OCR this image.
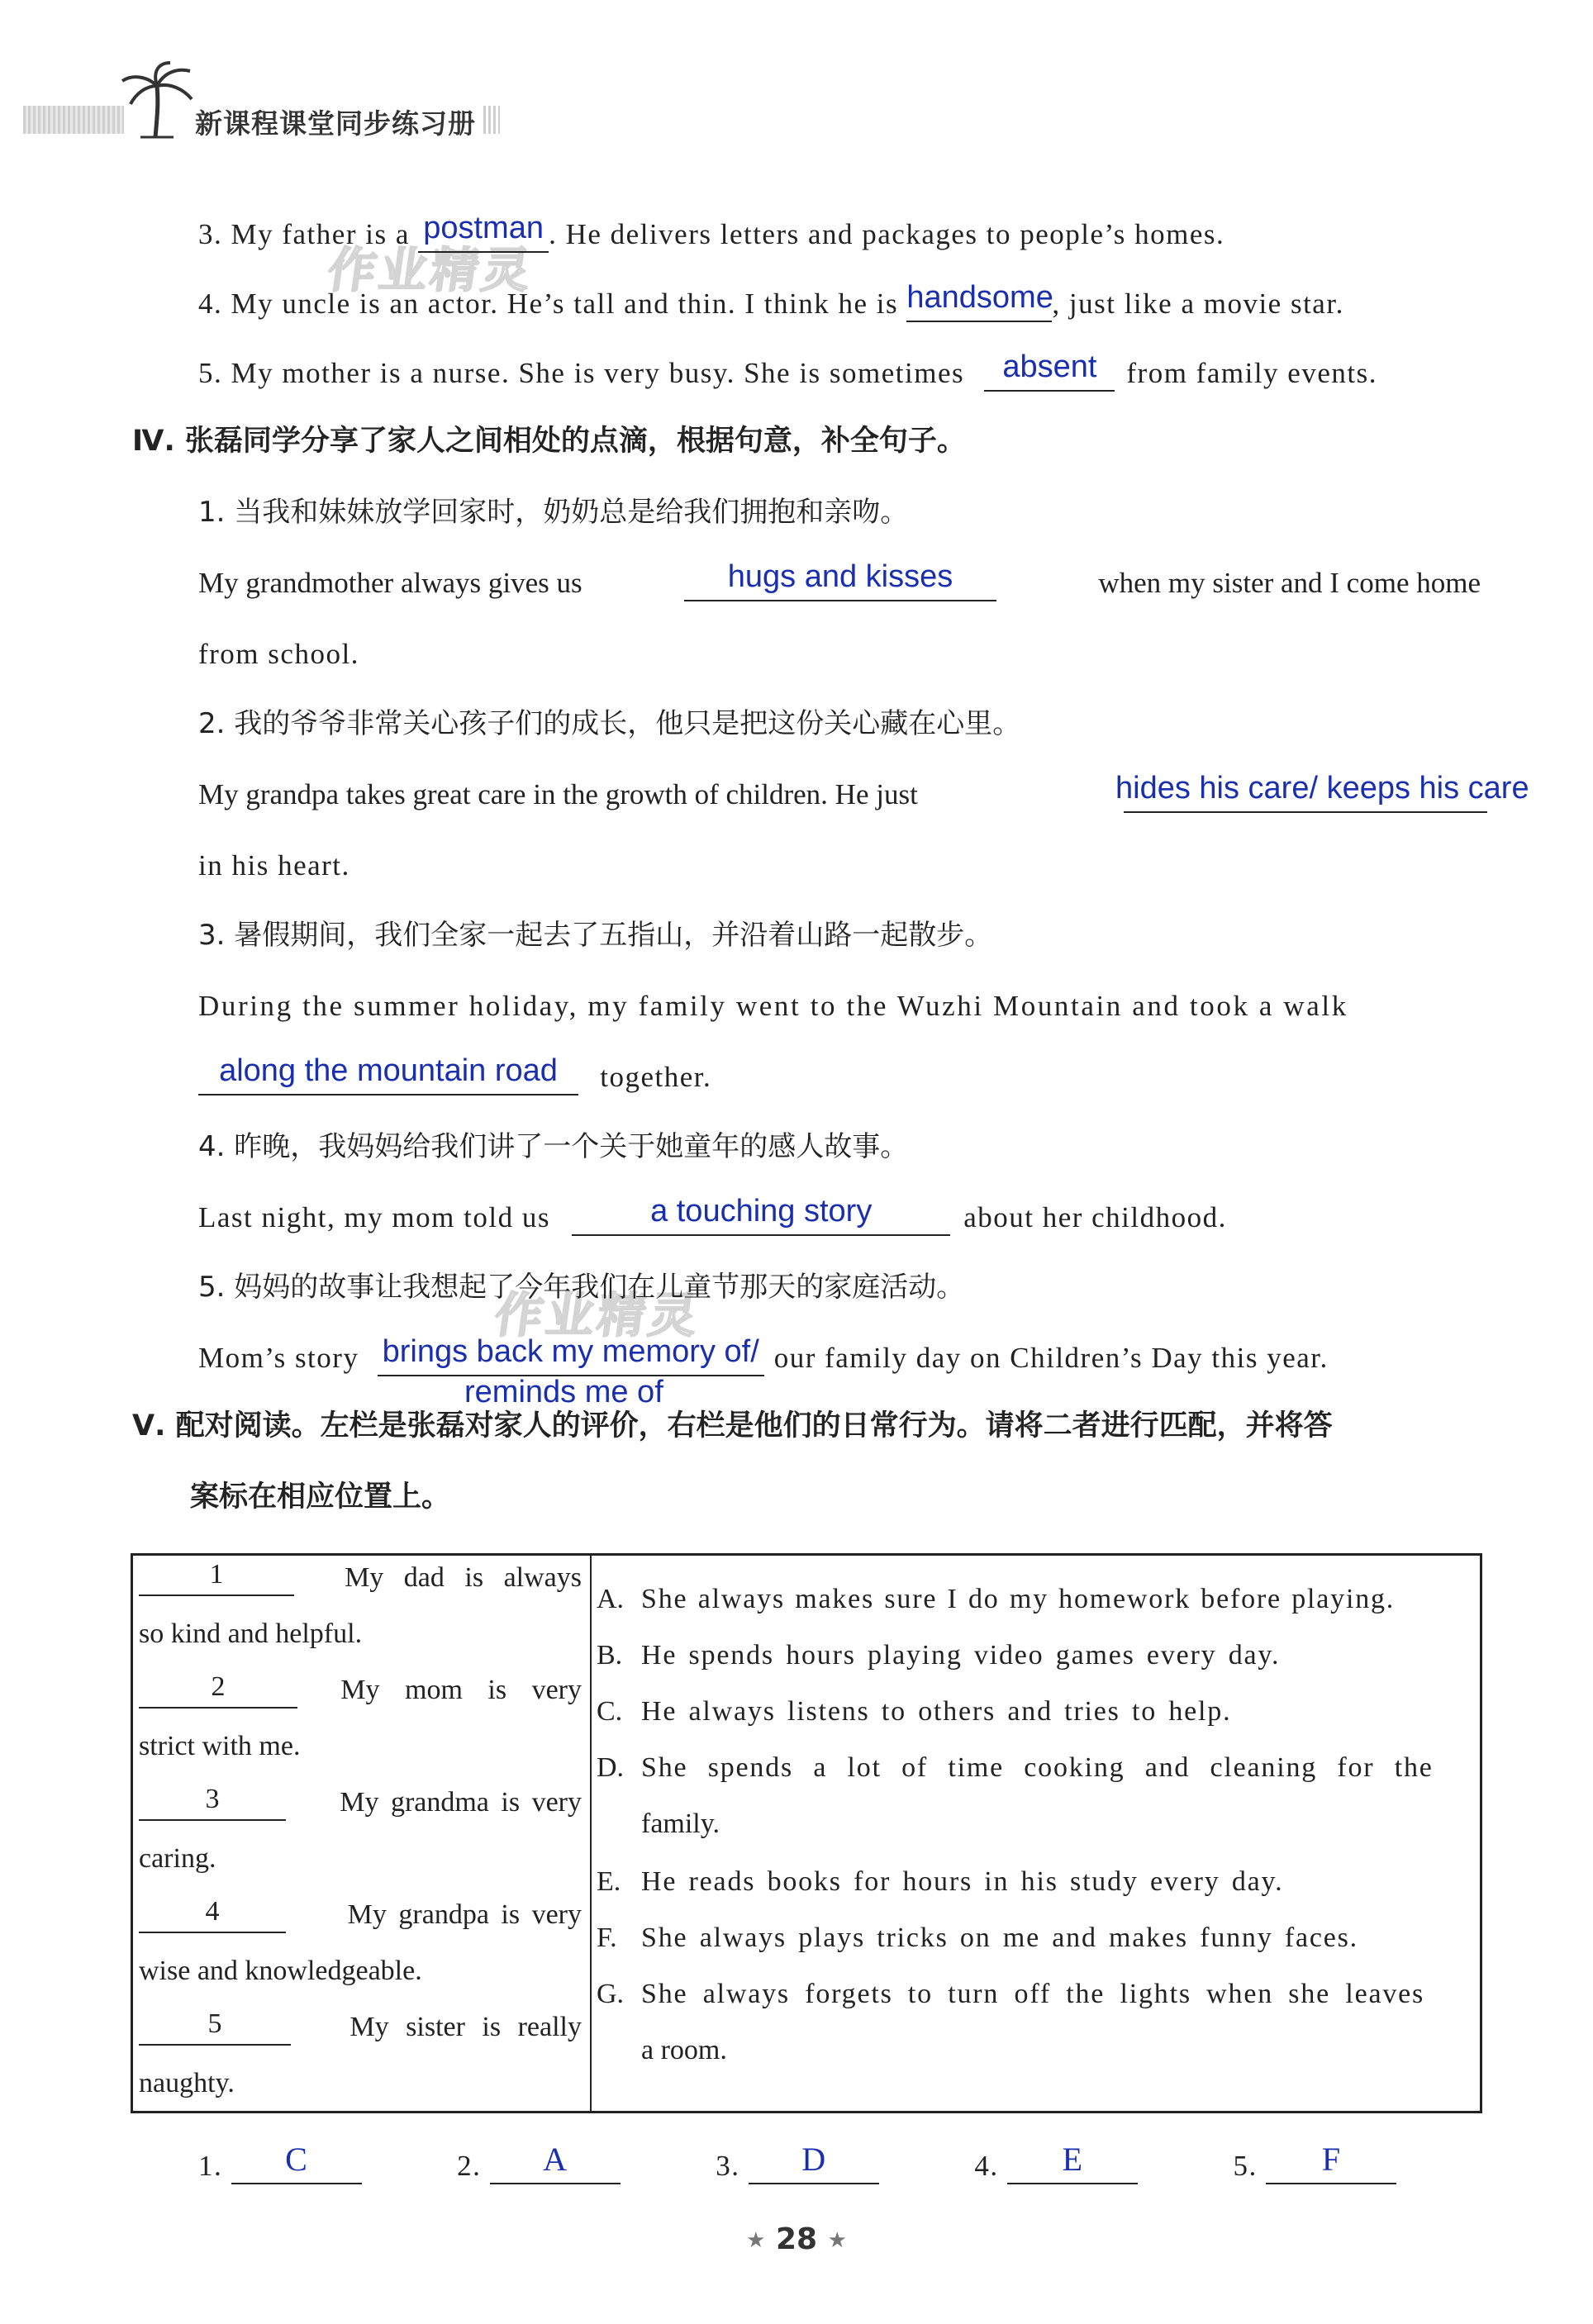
新课程课堂同步练习册
作业精灵
作业精灵
3. My father is a postman . He delivers letters and packages to people’s homes.
4. My uncle is an actor. He’s tall and thin. I think he is handsome
, just like a movie star.
5. My mother is a nurse. She is very busy. She is sometimes	absent	from family events.
Ⅳ. 张磊同学分享了家人之间相处的点滴，根据句意，补全句子。
1. 当我和妹妹放学回家时，奶奶总是给我们拥抱和亲吻。
My grandmother always gives us	hugs and kisses	when my sister and I come home
from school.
2. 我的爷爷非常关心孩子们的成长，他只是把这份关心藏在心里。
My grandpa takes great care in the growth of children. He just	hides his care/ keeps his care
in his heart.
3. 暑假期间，我们全家一起去了五指山，并沿着山路一起散步。
During the summer holiday, my family went to the Wuzhi Mountain and took a walk
along the mountain road	together.
4. 昨晚，我妈妈给我们讲了一个关于她童年的感人故事。
Last night, my mom told us	a touching story	about her childhood.
5. 妈妈的故事让我想起了今年我们在儿童节那天的家庭活动。
Mom’s story brings back my memory of/ our family day on Children’s Day this year.
reminds me of
Ⅴ. 配对阅读。左栏是张磊对家人的评价，右栏是他们的日常行为。请将二者进行匹配，并将答
案标在相应位置上。
1	My dad is always
so kind and helpful.
2	My mom is very
strict with me.
3	My grandma is very
caring.
4	My grandpa is very
wise and knowledgeable.
5	My sister is really
naughty.
A. She always makes sure I do my homework before playing.
B. He spends hours playing video games every day.
C. He always listens to others and tries to help.
D. She spends a lot of time cooking and cleaning for the
family.
E. He reads books for hours in his study every day.
F. She always plays tricks on me and makes funny faces.
G. She always forgets to turn off the lights when she leaves
a room.
1.	C	2.	A	3.	D	4.	E	5.	F
★ 28 ★
